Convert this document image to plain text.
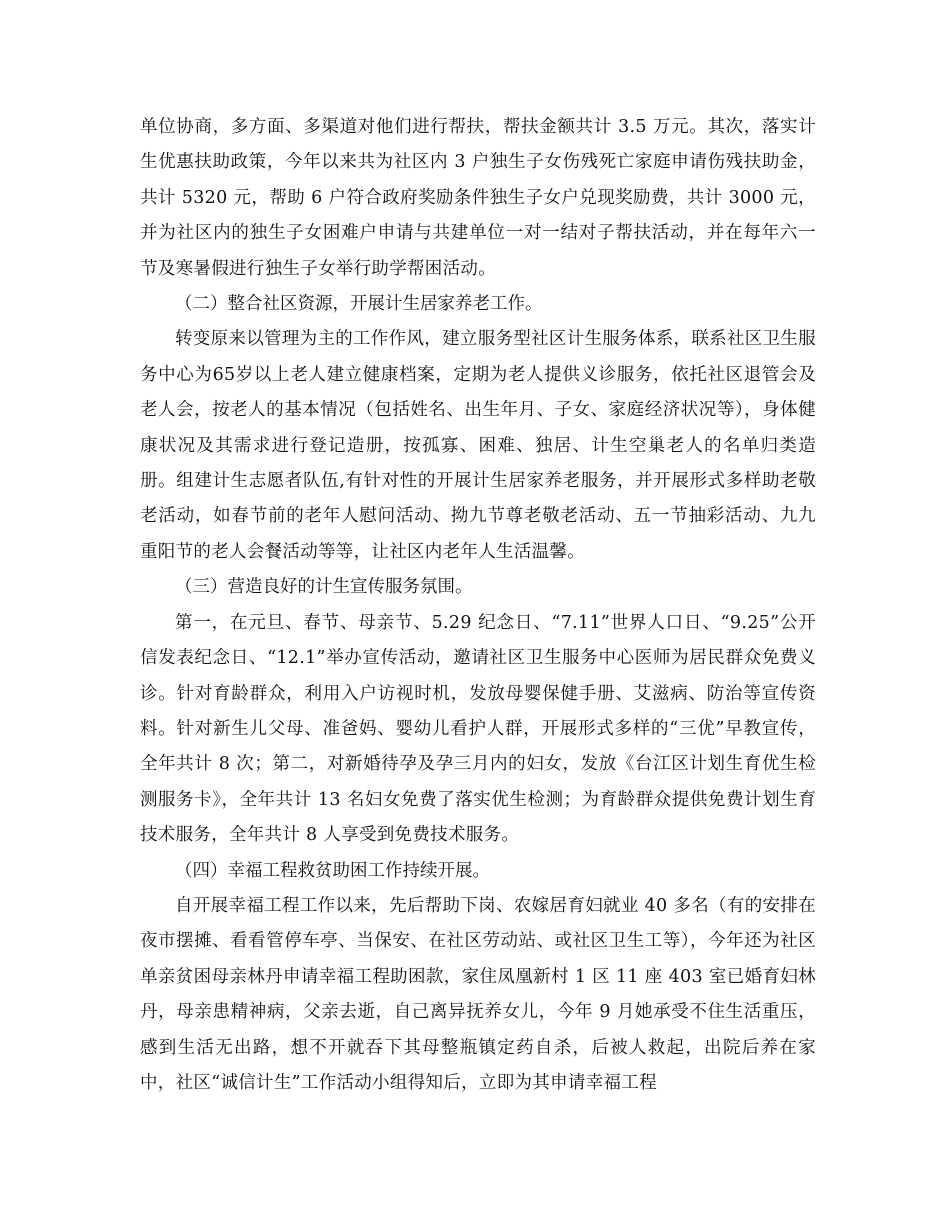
单位协商，多方面、多渠道对他们进行帮扶，帮扶金额共计 3.5 万元。其次，落实计生优惠扶助政策，今年以来共为社区内 3 户独生子女伤残死亡家庭申请伤残扶助金，共计 5320 元，帮助 6 户符合政府奖励条件独生子女户兑现奖励费，共计 3000 元，并为社区内的独生子女困难户申请与共建单位一对一结对子帮扶活动，并在每年六一节及寒暑假进行独生子女举行助学帮困活动。

（二）整合社区资源，开展计生居家养老工作。

转变原来以管理为主的工作作风，建立服务型社区计生服务体系，联系社区卫生服务中心为65岁以上老人建立健康档案，定期为老人提供义诊服务，依托社区退管会及老人会，按老人的基本情况（包括姓名、出生年月、子女、家庭经济状况等），身体健康状况及其需求进行登记造册，按孤寡、困难、独居、计生空巢老人的名单归类造册。组建计生志愿者队伍,有针对性的开展计生居家养老服务，并开展形式多样助老敬老活动，如春节前的老年人慰问活动、拗九节尊老敬老活动、五一节抽彩活动、九九重阳节的老人会餐活动等等，让社区内老年人生活温馨。

（三）营造良好的计生宣传服务氛围。

第一，在元旦、春节、母亲节、5.29 纪念日、“7.11”世界人口日、“9.25”公开信发表纪念日、“12.1”举办宣传活动，邀请社区卫生服务中心医师为居民群众免费义诊。针对育龄群众，利用入户访视时机，发放母婴保健手册、艾滋病、防治等宣传资料。针对新生儿父母、准爸妈、婴幼儿看护人群，开展形式多样的“三优”早教宣传，全年共计 8 次；第二，对新婚待孕及孕三月内的妇女，发放《台江区计划生育优生检测服务卡》，全年共计 13 名妇女免费了落实优生检测；为育龄群众提供免费计划生育技术服务，全年共计 8 人享受到免费技术服务。

（四）幸福工程救贫助困工作持续开展。

自开展幸福工程工作以来，先后帮助下岗、农嫁居育妇就业 40 多名（有的安排在夜市摆摊、看看管停车亭、当保安、在社区劳动站、或社区卫生工等），今年还为社区单亲贫困母亲林丹申请幸福工程助困款，家住凤凰新村 1 区 11 座 403 室已婚育妇林丹，母亲患精神病，父亲去逝，自己离异抚养女儿，今年 9 月她承受不住生活重压，感到生活无出路，想不开就吞下其母整瓶镇定药自杀，后被人救起，出院后养在家中，社区“诚信计生”工作活动小组得知后，立即为其申请幸福工程
